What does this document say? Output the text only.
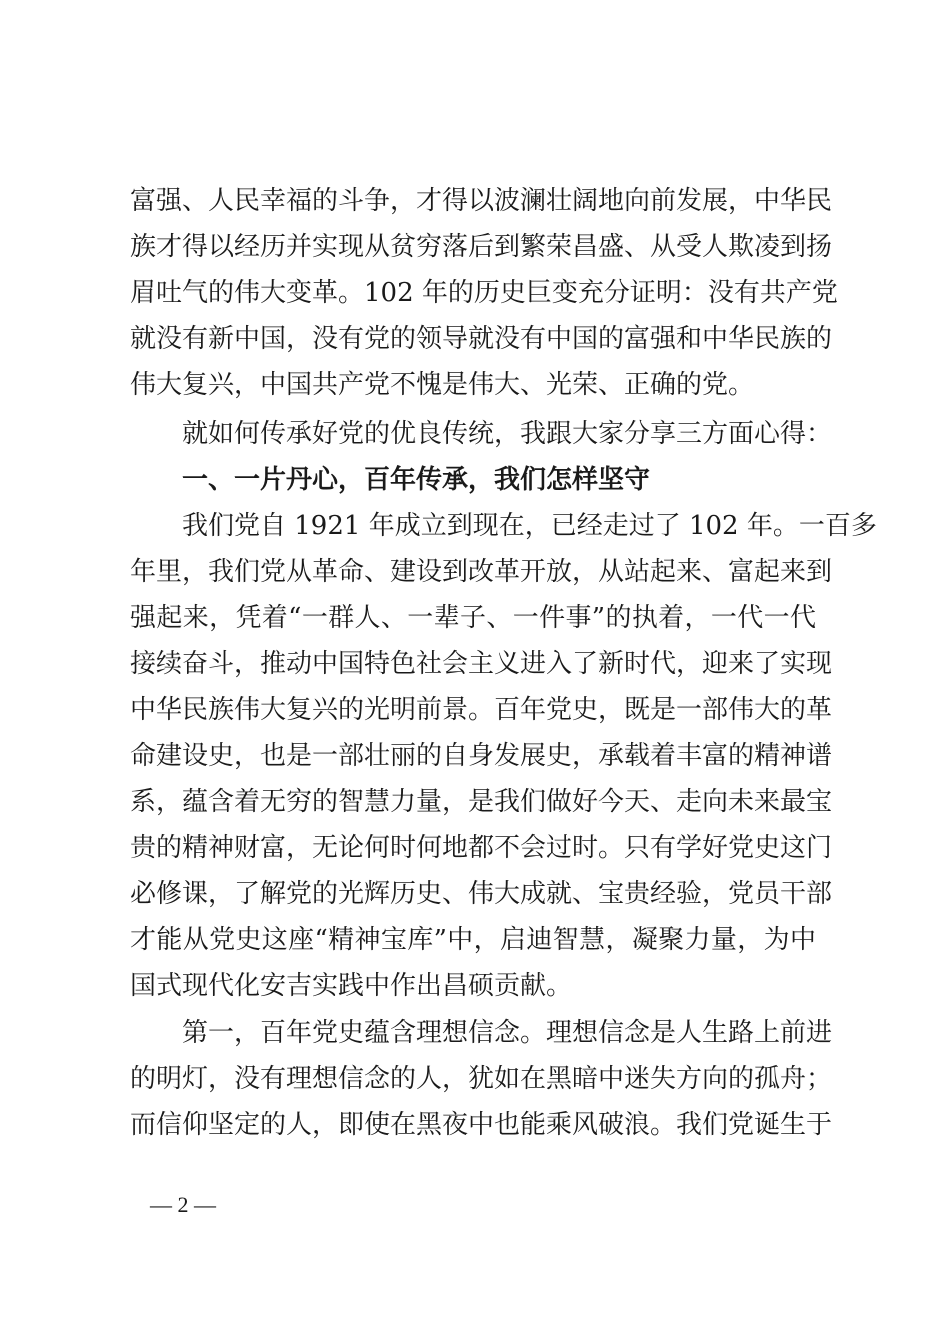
富强、人民幸福的斗争，才得以波澜壮阔地向前发展，中华民
族才得以经历并实现从贫穷落后到繁荣昌盛、从受人欺凌到扬
眉吐气的伟大变革。102 年的历史巨变充分证明：没有共产党
就没有新中国，没有党的领导就没有中国的富强和中华民族的
伟大复兴，中国共产党不愧是伟大、光荣、正确的党。
就如何传承好党的优良传统，我跟大家分享三方面心得：
一、一片丹心，百年传承，我们怎样坚守
我们党自 1921 年成立到现在，已经走过了 102 年。一百多
年里，我们党从革命、建设到改革开放，从站起来、富起来到
强起来，凭着“一群人、一辈子、一件事”的执着，一代一代
接续奋斗，推动中国特色社会主义进入了新时代，迎来了实现
中华民族伟大复兴的光明前景。百年党史，既是一部伟大的革
命建设史，也是一部壮丽的自身发展史，承载着丰富的精神谱
系，蕴含着无穷的智慧力量，是我们做好今天、走向未来最宝
贵的精神财富，无论何时何地都不会过时。只有学好党史这门
必修课，了解党的光辉历史、伟大成就、宝贵经验，党员干部
才能从党史这座“精神宝库”中，启迪智慧，凝聚力量，为中
国式现代化安吉实践中作出昌硕贡献。
第一，百年党史蕴含理想信念。理想信念是人生路上前进
的明灯，没有理想信念的人，犹如在黑暗中迷失方向的孤舟；
而信仰坚定的人，即使在黑夜中也能乘风破浪。我们党诞生于
— 2 —
